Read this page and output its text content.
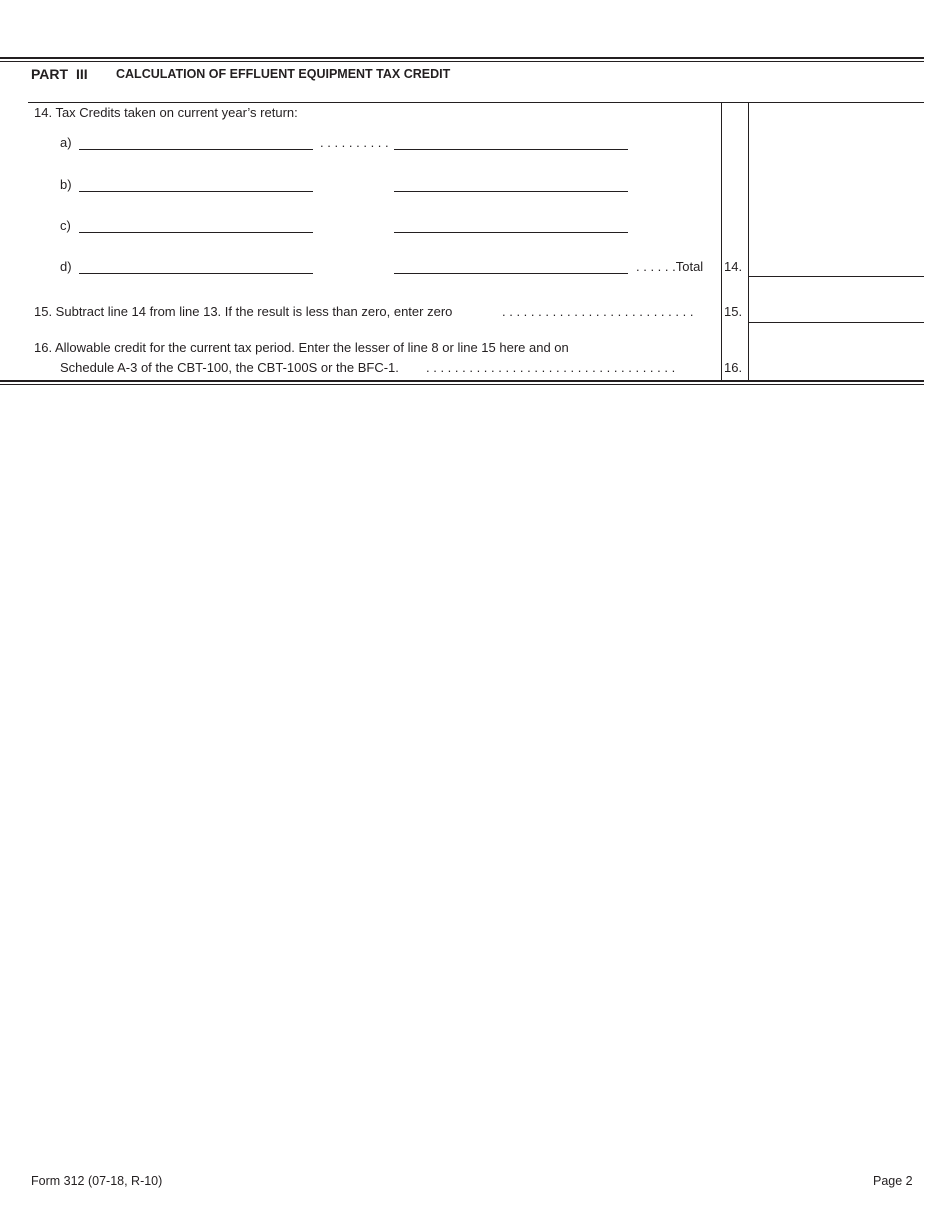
PART III CALCULATION OF EFFLUENT EQUIPMENT TAX CREDIT
14. Tax Credits taken on current year’s return:
a)	. . . . . . . . . .
b)
c)
d)	. . . . . .Total 14.
15. Subtract line 14 from line 13. If the result is less than zero, enter zero	. . . . . . . . . . . . . . . . . . . . . . . . . . . 15.
16. Allowable credit for the current tax period. Enter the lesser of line 8 or line 15 here and on
Schedule A-3 of the CBT-100, the CBT-100S or the BFC-1. . . . . . . . . . . . . . . . . . . . . . . . . . . . . . . . . . . .	16.
Form 312 (07-18, R-10)	Page 2
